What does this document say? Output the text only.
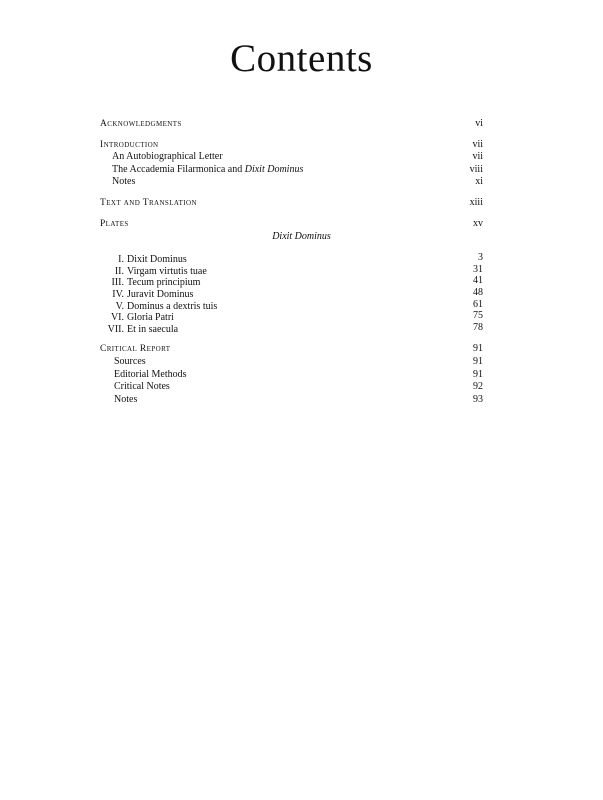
Contents
Acknowledgments	vi
Introduction	vii
An Autobiographical Letter	vii
The Accademia Filarmonica and Dixit Dominus	viii
Notes	xi
Text and Translation	xiii
Plates	xv
Dixit Dominus
I. Dixit Dominus	3
II. Virgam virtutis tuae	31
III. Tecum principium	41
IV. Juravit Dominus	48
V. Dominus a dextris tuis	61
VI. Gloria Patri	75
VII. Et in saecula	78
Critical Report	91
Sources	91
Editorial Methods	91
Critical Notes	92
Notes	93
